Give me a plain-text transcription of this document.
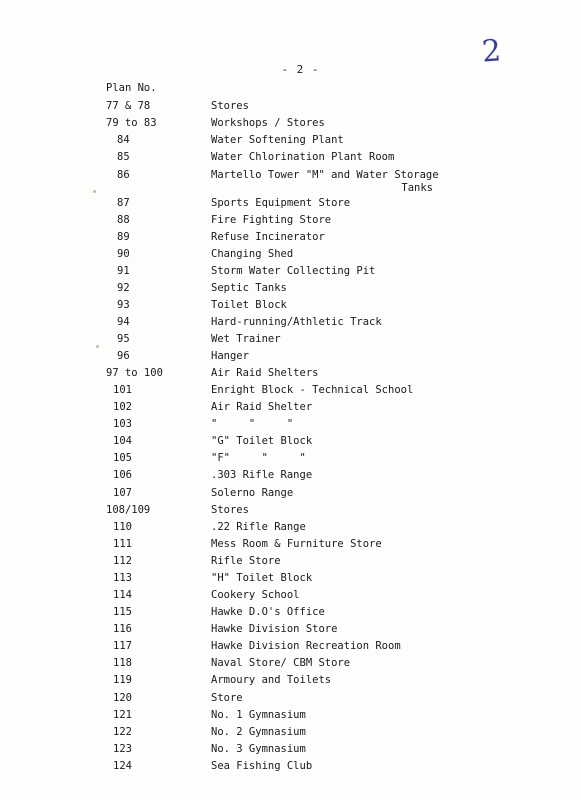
2
- 2 -
Plan No.
77 & 78	Stores
79 to 83	Workshops / Stores
84	Water Softening Plant
85	Water Chlorination Plant Room
86	Martello Tower "M" and Water Storage
Tanks
87	Sports Equipment Store
88	Fire Fighting Store
89	Refuse Incinerator
90	Changing Shed
91	Storm Water Collecting Pit
92	Septic Tanks
93	Toilet Block
94	Hard-running/Athletic Track
95	Wet Trainer
96	Hanger
97 to 100	Air Raid Shelters
101	Enright Block - Technical School
102	Air Raid Shelter
103	"     "     "
104	"G" Toilet Block
105	"F"     "     "
106	.303 Rifle Range
107	Solerno Range
108/109	Stores
110	.22 Rifle Range
111	Mess Room & Furniture Store
112	Rifle Store
113	"H" Toilet Block
114	Cookery School
115	Hawke D.O's Office
116	Hawke Division Store
117	Hawke Division Recreation Room
118	Naval Store/ CBM Store
119	Armoury and Toilets
120	Store
121	No. 1 Gymnasium
122	No. 2 Gymnasium
123	No. 3 Gymnasium
124	Sea Fishing Club
